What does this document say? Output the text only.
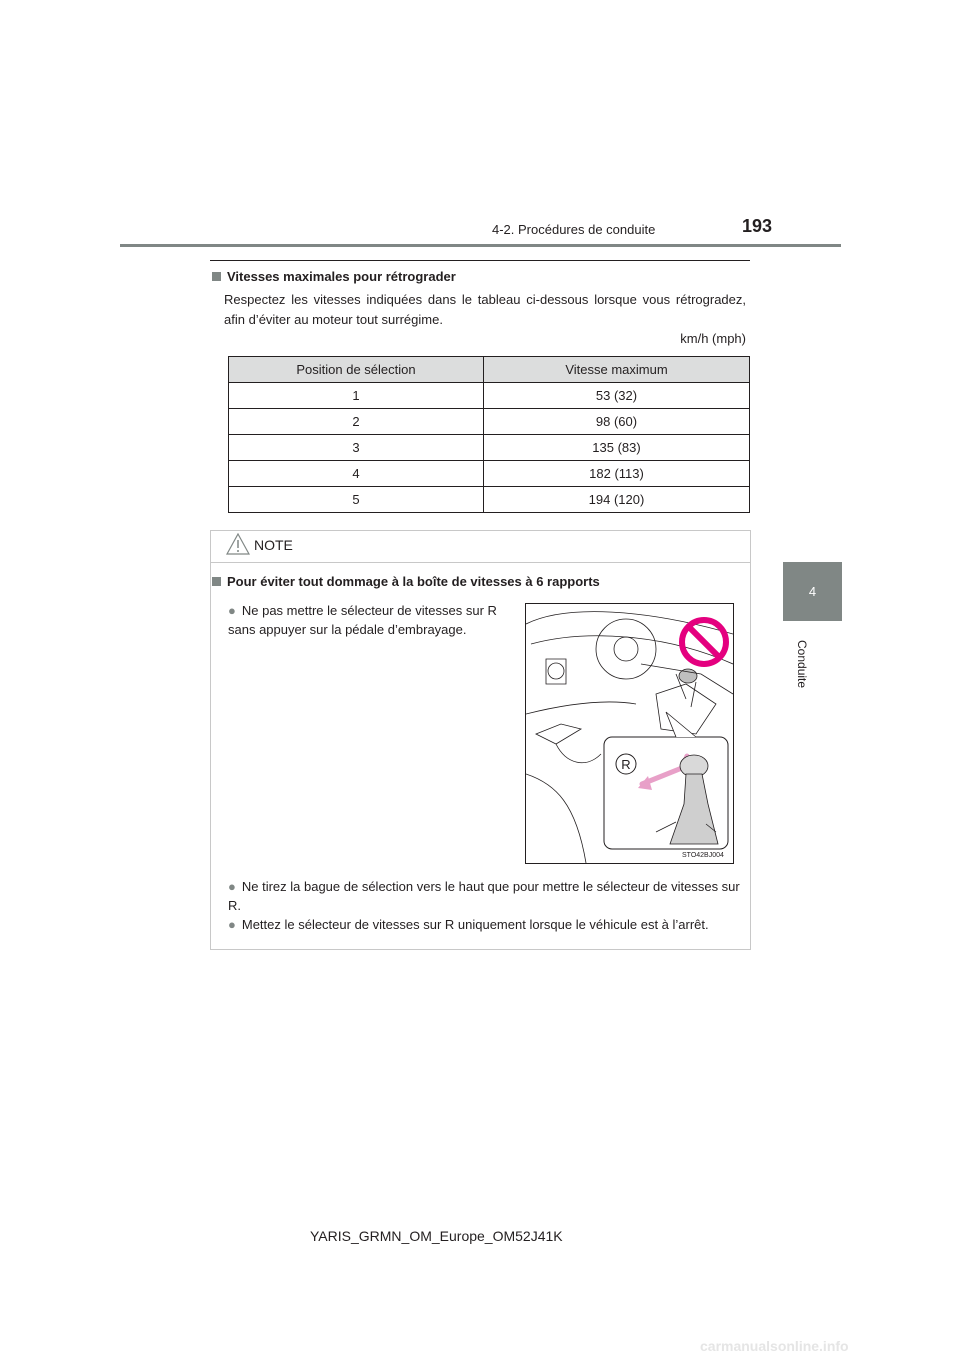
4-2. Procédures de conduite	193
4
Conduite
Vitesses maximales pour rétrograder
Respectez les vitesses indiquées dans le tableau ci-dessous lorsque vous rétrogradez, afin d’éviter au moteur tout surrégime.
km/h (mph)
Position de sélection	Vitesse maximum
1	53 (32)
2	98 (60)
3	135 (83)
4	182 (113)
5	194 (120)
NOTE
Pour éviter tout dommage à la boîte de vitesses à 6 rapports
● Ne pas mettre le sélecteur de vitesses sur R sans appuyer sur la pédale d’embrayage.
R
STO42BJ004
● Ne tirez la bague de sélection vers le haut que pour mettre le sélecteur de vitesses sur R.
● Mettez le sélecteur de vitesses sur R uniquement lorsque le véhicule est à l’arrêt.
YARIS_GRMN_OM_Europe_OM52J41K
carmanualsonline.info
